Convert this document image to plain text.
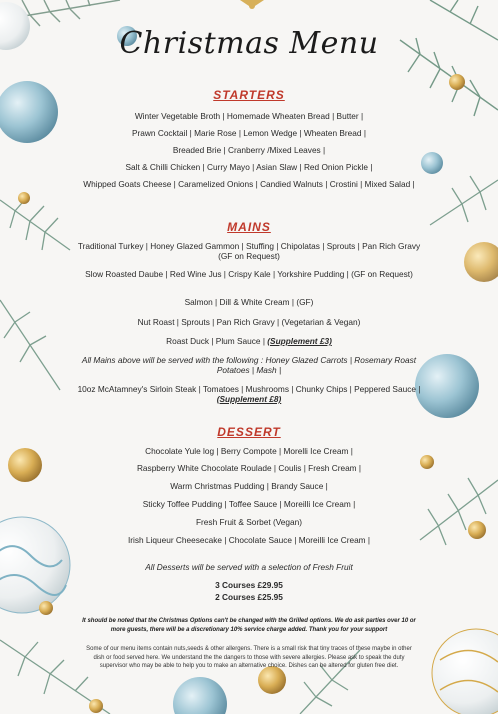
Christmas Menu
STARTERS
Winter Vegetable Broth | Homemade Wheaten Bread | Butter |
Prawn Cocktail | Marie Rose | Lemon Wedge | Wheaten Bread |
Breaded Brie | Cranberry /Mixed Leaves |
Salt & Chilli Chicken | Curry Mayo | Asian Slaw | Red Onion Pickle |
Whipped Goats Cheese | Caramelized Onions | Candied Walnuts | Crostini | Mixed Salad |
MAINS
Traditional Turkey | Honey Glazed Gammon | Stuffing | Chipolatas | Sprouts | Pan Rich Gravy (GF on Request)
Slow Roasted Daube | Red Wine Jus | Crispy Kale | Yorkshire Pudding | (GF on Request)
Salmon | Dill & White Cream | (GF)
Nut Roast | Sprouts | Pan Rich Gravy | (Vegetarian & Vegan)
Roast Duck | Plum Sauce | (Supplement £3)
All Mains above will be served with the following : Honey Glazed Carrots | Rosemary Roast Potatoes | Mash |
10oz McAtamney's Sirloin Steak | Tomatoes | Mushrooms | Chunky Chips | Peppered Sauce | (Supplement £8)
DESSERT
Chocolate Yule log | Berry Compote | Morelli Ice Cream |
Raspberry White Chocolate Roulade | Coulis | Fresh Cream |
Warm Christmas Pudding | Brandy Sauce |
Sticky Toffee Pudding | Toffee Sauce | Moreilli Ice Cream |
Fresh Fruit & Sorbet (Vegan)
Irish Liqueur Cheesecake | Chocolate Sauce | Moreilli Ice Cream |
All Desserts will be served with a selection of Fresh Fruit
3 Courses £29.95
2 Courses £25.95
It should be noted that the Christmas Options can't be changed with the Grilled options. We do ask parties over 10 or more guests, there will be a discretionary 10% service charge added. Thank you for your support
Some of our menu items contain nuts,seeds & other allergens. There is a small risk that tiny traces of these maybe in other dish or food served here. We understand the the dangers to those with severe allergies. Please ask to speak the duty supervisor who may be able to help you to make an alternative choice. Dishes can be altered for gluten free diet.
